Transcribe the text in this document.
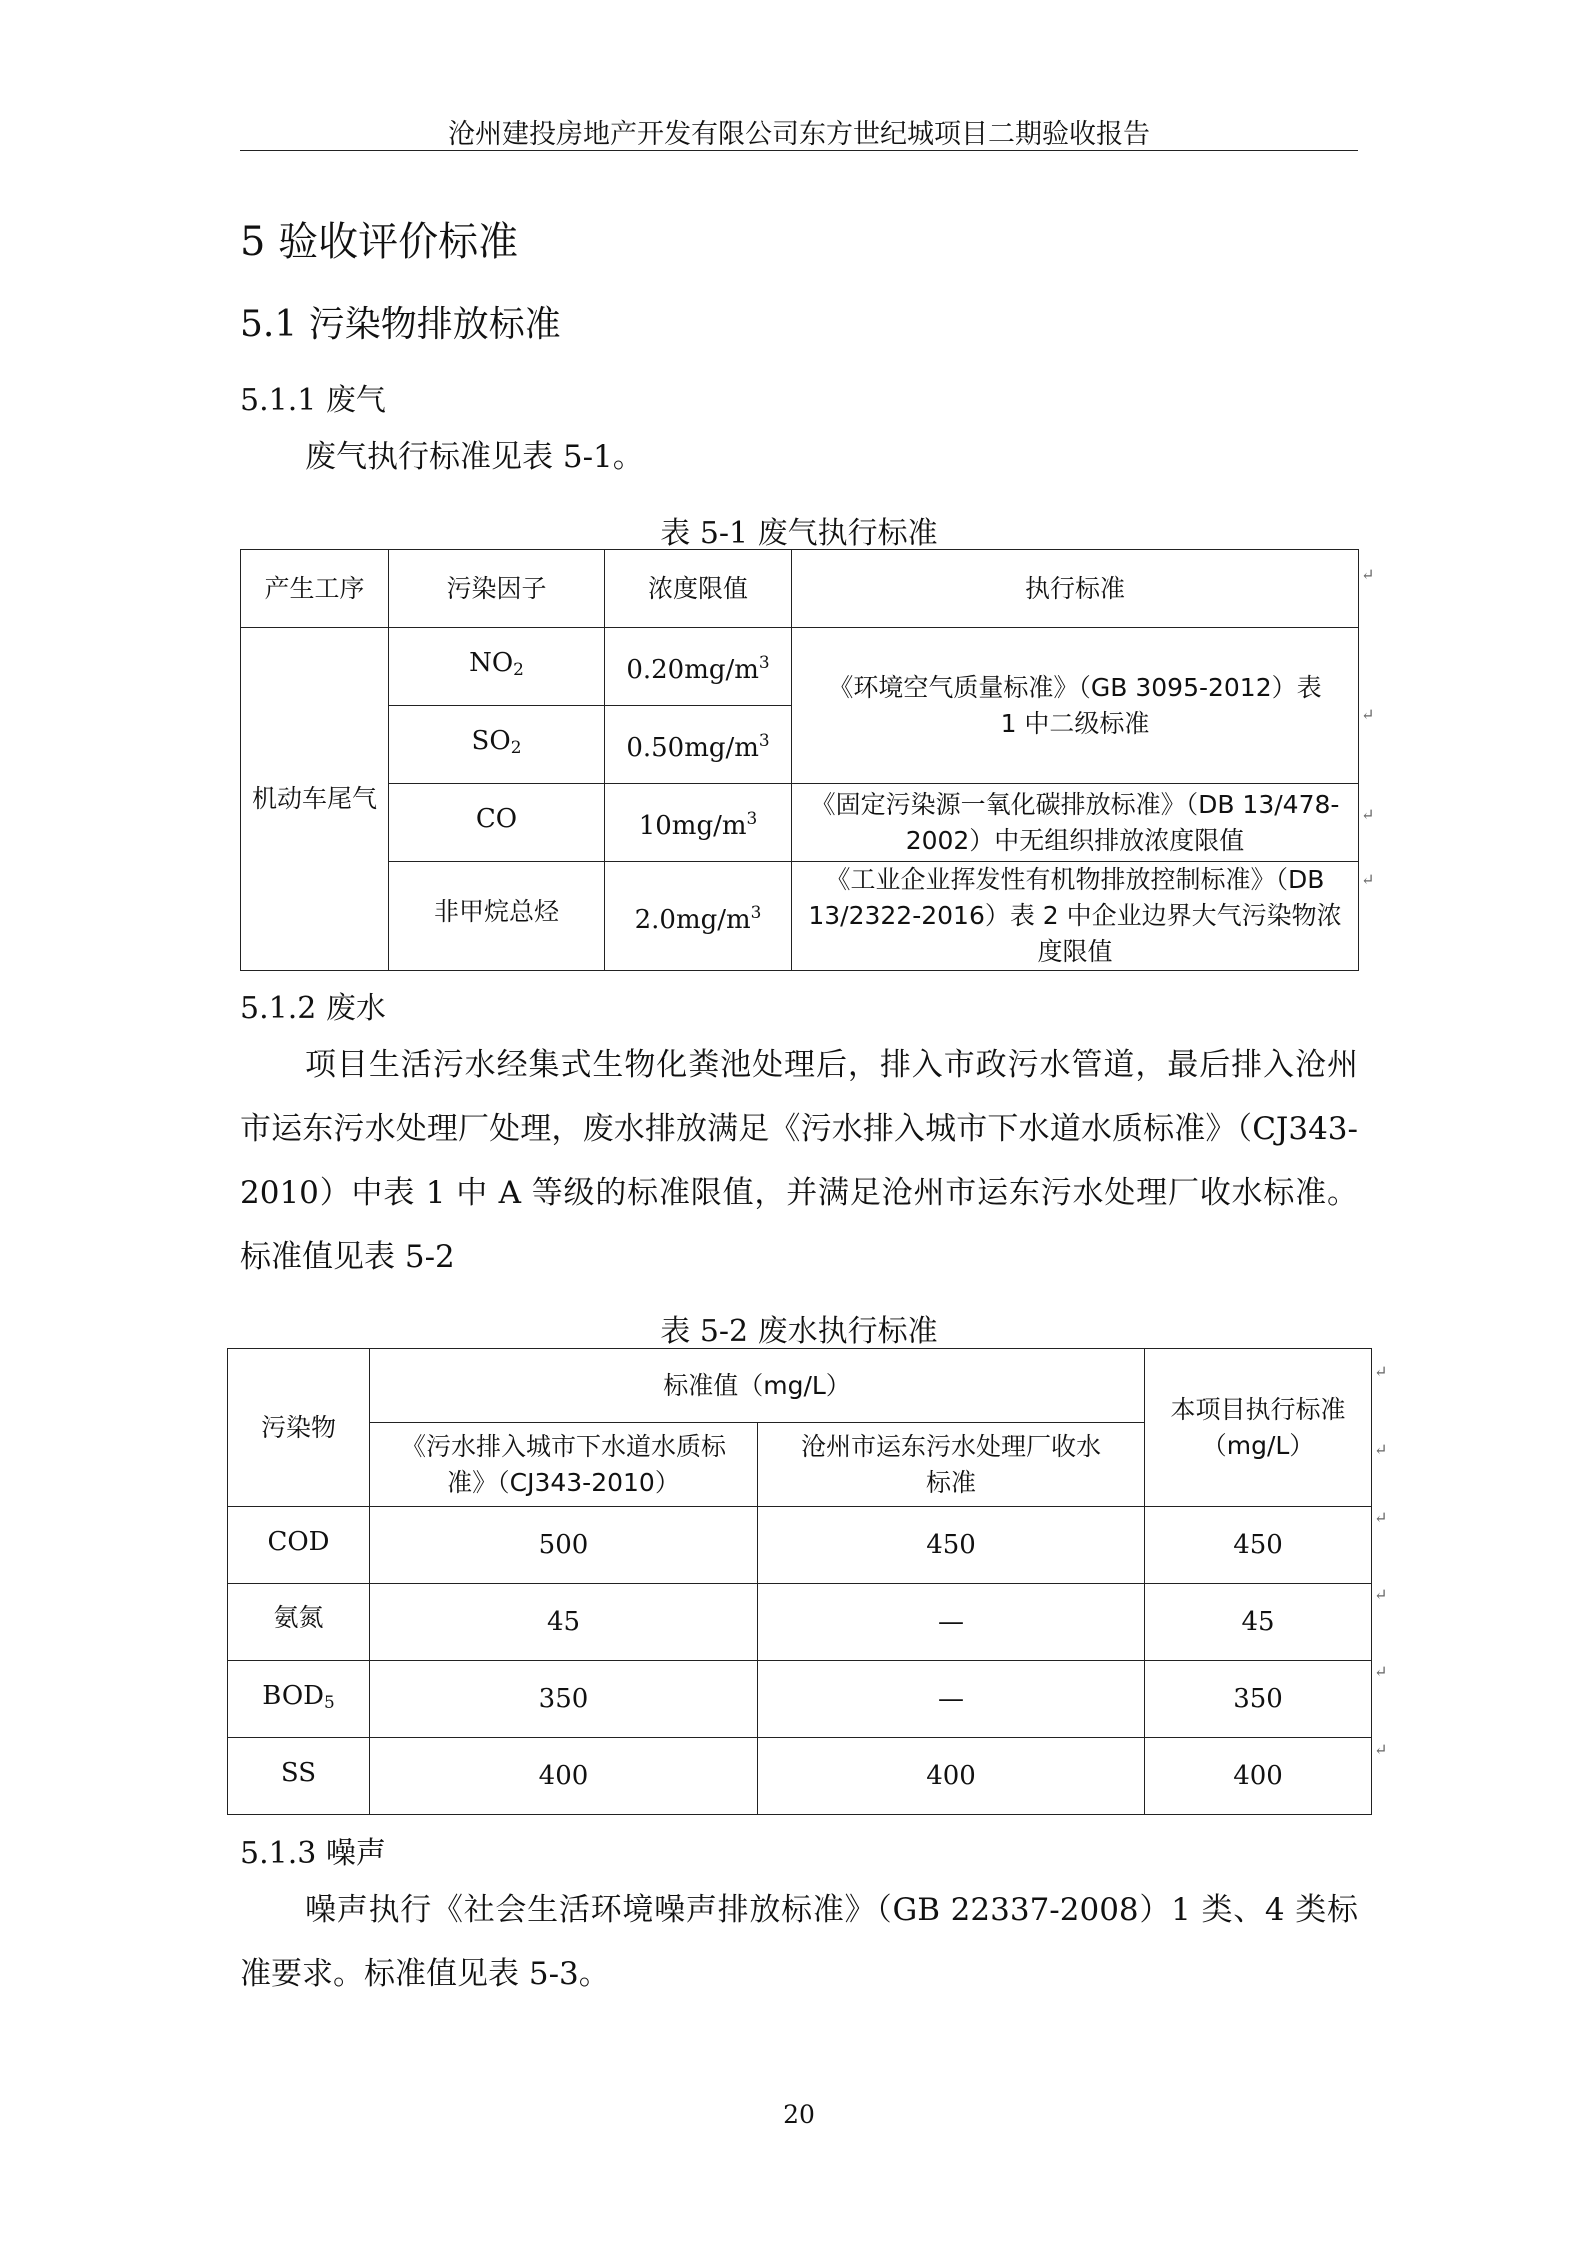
沧州建投房地产开发有限公司东方世纪城项目二期验收报告
5 验收评价标准
5.1 污染物排放标准
5.1.1 废气
废气执行标准见表 5-1。
表 5-1 废气执行标准
产生工序	污染因子	浓度限值	执行标准
机动车尾气	$NO_2$	$0.20mg/m^3$	《环境空气质量标准》（GB 3095-2012）表 1 中二级标准
	$SO_2$	$0.50mg/m^3$
	CO	$10mg/m^3$	《固定污染源一氧化碳排放标准》（DB 13/478-2002）中无组织排放浓度限值
	非甲烷总烃	$2.0mg/m^3$	《工业企业挥发性有机物排放控制标准》（DB 13/2322-2016）表 2 中企业边界大气污染物浓度限值
5.1.2 废水
项目生活污水经集式生物化粪池处理后，排入市政污水管道，最后排入沧州市运东污水处理厂处理，废水排放满足《污水排入城市下水道水质标准》（CJ343-2010）中表 1 中 A 等级的标准限值，并满足沧州市运东污水处理厂收水标准。标准值见表 5-2
表 5-2 废水执行标准
污染物	标准值（mg/L）		本项目执行标准（mg/L）
	《污水排入城市下水道水质标准》（CJ343-2010）	沧州市运东污水处理厂收水标准	
COD	500	450	450
氨氮	45	—	45
$BOD_5$	350	—	350
SS	400	400	400
5.1.3 噪声
噪声执行《社会生活环境噪声排放标准》（GB 22337-2008）1 类、4 类标准要求。标准值见表 5-3。
20
↵
↵
↵
↵
↵
↵
↵
↵
↵
↵
